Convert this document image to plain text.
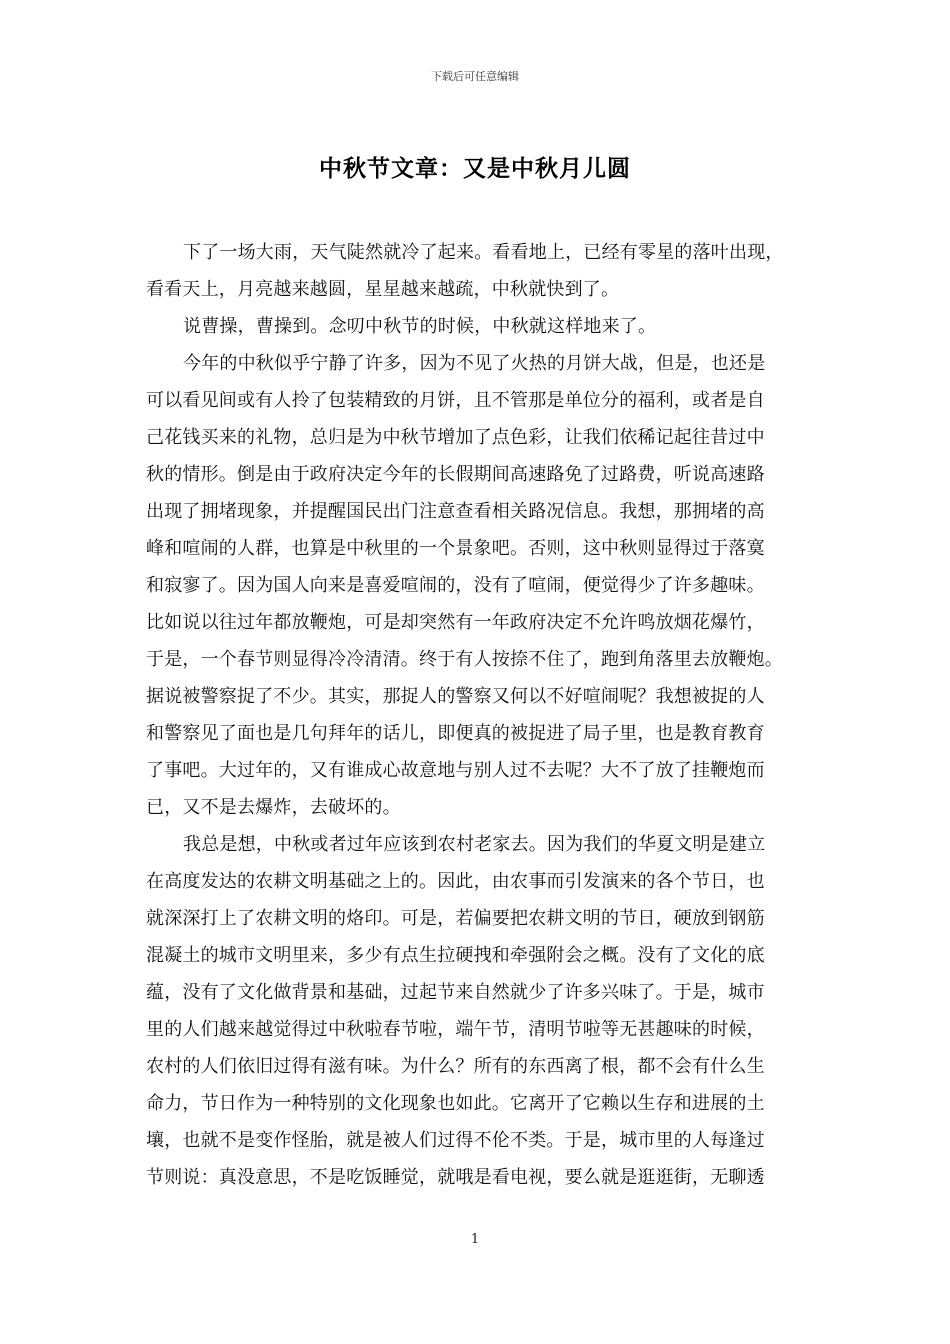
下载后可任意编辑
中秋节文章：又是中秋月儿圆

下了一场大雨，天气陡然就冷了起来。看看地上，已经有零星的落叶出现，
看看天上，月亮越来越圆，星星越来越疏，中秋就快到了。

说曹操，曹操到。念叨中秋节的时候，中秋就这样地来了。

今年的中秋似乎宁静了许多，因为不见了火热的月饼大战，但是，也还是
可以看见间或有人拎了包装精致的月饼，且不管那是单位分的福利，或者是自
己花钱买来的礼物，总归是为中秋节增加了点色彩，让我们依稀记起往昔过中
秋的情形。倒是由于政府决定今年的长假期间高速路免了过路费，听说高速路
出现了拥堵现象，并提醒国民出门注意查看相关路况信息。我想，那拥堵的高
峰和喧闹的人群，也算是中秋里的一个景象吧。否则，这中秋则显得过于落寞
和寂寥了。因为国人向来是喜爱喧闹的，没有了喧闹，便觉得少了许多趣味。
比如说以往过年都放鞭炮，可是却突然有一年政府决定不允许鸣放烟花爆竹，
于是，一个春节则显得冷冷清清。终于有人按捺不住了，跑到角落里去放鞭炮。
据说被警察捉了不少。其实，那捉人的警察又何以不好喧闹呢？我想被捉的人
和警察见了面也是几句拜年的话儿，即便真的被捉进了局子里，也是教育教育
了事吧。大过年的，又有谁成心故意地与别人过不去呢？大不了放了挂鞭炮而
已，又不是去爆炸，去破坏的。

我总是想，中秋或者过年应该到农村老家去。因为我们的华夏文明是建立
在高度发达的农耕文明基础之上的。因此，由农事而引发演来的各个节日，也
就深深打上了农耕文明的烙印。可是，若偏要把农耕文明的节日，硬放到钢筋
混凝土的城市文明里来，多少有点生拉硬拽和牵强附会之概。没有了文化的底
蕴，没有了文化做背景和基础，过起节来自然就少了许多兴味了。于是，城市
里的人们越来越觉得过中秋啦春节啦，端午节，清明节啦等无甚趣味的时候，
农村的人们依旧过得有滋有味。为什么？所有的东西离了根，都不会有什么生
命力，节日作为一种特别的文化现象也如此。它离开了它赖以生存和进展的土
壤，也就不是变作怪胎，就是被人们过得不伦不类。于是，城市里的人每逢过
节则说：真没意思，不是吃饭睡觉，就哦是看电视，要么就是逛逛街，无聊透

1
